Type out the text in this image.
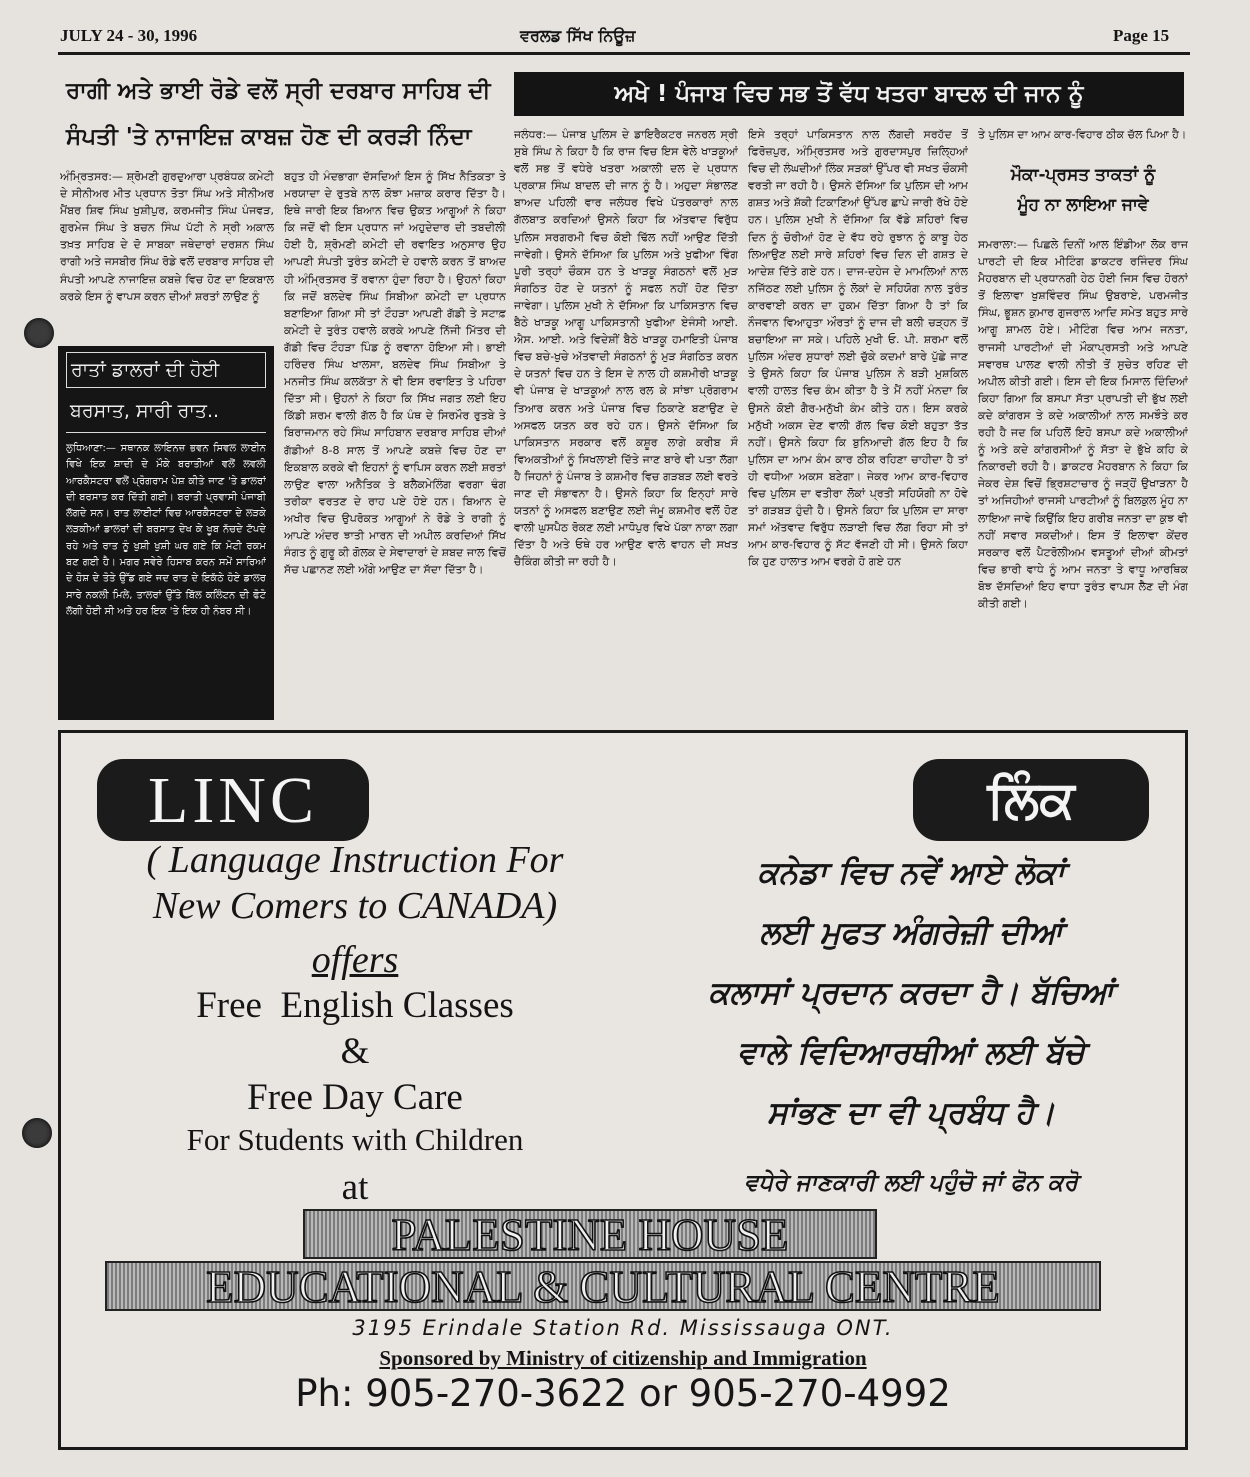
JULY 24 - 30, 1996	ਵਰਲਡ ਸਿੱਖ ਨਿਊਜ਼	Page 15
ਰਾਗੀ ਅਤੇ ਭਾਈ ਰੋਡੇ ਵਲੋਂ ਸ੍ਰੀ ਦਰਬਾਰ ਸਾਹਿਬ ਦੀ
ਸੰਪਤੀ 'ਤੇ ਨਾਜਾਇਜ਼ ਕਾਬਜ਼ ਹੋਣ ਦੀ ਕਰੜੀ ਨਿੰਦਾ

ਅੰਮ੍ਰਿਤਸਰ:— ਸ਼੍ਰੋਮਣੀ ਗੁਰਦੁਆਰਾ ਪ੍ਰਬੰਧਕ ਕਮੇਟੀ ਦੇ ਸੀਨੀਅਰ ਮੀਤ ਪ੍ਰਧਾਨ ਤੋਤਾ ਸਿੰਘ ਅਤੇ ਸੀਨੀਅਰ ਮੈਂਬਰ ਸ਼ਿਵ ਸਿੰਘ ਖੁਸ਼ੀਪੁਰ, ਕਰਮਜੀਤ ਸਿੰਘ ਪੰਜਵੜ, ਗੁਰਮੇਜ ਸਿੰਘ ਤੇ ਬਚਨ ਸਿੰਘ ਪੱਟੀ ਨੇ ਸ੍ਰੀ ਅਕਾਲ ਤਖ਼ਤ ਸਾਹਿਬ ਦੇ ਦੋ ਸਾਬਕਾ ਜਥੇਦਾਰਾਂ ਦਰਸ਼ਨ ਸਿੰਘ ਰਾਗੀ ਅਤੇ ਜਸਬੀਰ ਸਿੰਘ ਰੋਡੇ ਵਲੋਂ ਦਰਬਾਰ ਸਾਹਿਬ ਦੀ ਸੰਪਤੀ ਆਪਣੇ ਨਾਜਾਇਜ਼ ਕਬਜ਼ੇ ਵਿਚ ਹੋਣ ਦਾ ਇਕਬਾਲ ਕਰਕੇ ਇਸ ਨੂੰ ਵਾਪਸ ਕਰਨ ਦੀਆਂ ਸ਼ਰਤਾਂ ਲਾਉਣ ਨੂੰ

ਬਹੁਤ ਹੀ ਮੰਦਭਾਗਾ ਦੱਸਦਿਆਂ ਇਸ ਨੂੰ ਸਿੱਖ ਨੈਤਿਕਤਾ ਤੇ ਮਰਯਾਦਾ ਦੇ ਰੁਤਬੇ ਨਾਲ ਕੋਝਾ ਮਜ਼ਾਕ ਕਰਾਰ ਦਿੱਤਾ ਹੈ। ਇਥੇ ਜਾਰੀ ਇਕ ਬਿਆਨ ਵਿਚ ਉਕਤ ਆਗੂਆਂ ਨੇ ਕਿਹਾ ਕਿ ਜਦੋਂ ਵੀ ਇਸ ਪ੍ਰਧਾਨ ਜਾਂ ਅਹੁਦੇਦਾਰ ਦੀ ਤਬਦੀਲੀ ਹੋਈ ਹੈ, ਸ਼੍ਰੋਮਣੀ ਕਮੇਟੀ ਦੀ ਰਵਾਇਤ ਅਨੁਸਾਰ ਉਹ ਆਪਣੀ ਸੰਪਤੀ ਤੁਰੰਤ ਕਮੇਟੀ ਦੇ ਹਵਾਲੇ ਕਰਨ ਤੋਂ ਬਾਅਦ ਹੀ ਅੰਮ੍ਰਿਤਸਰ ਤੋਂ ਰਵਾਨਾ ਹੁੰਦਾ ਰਿਹਾ ਹੈ। ਉਹਨਾਂ ਕਿਹਾ ਕਿ ਜਦੋਂ ਬਲਦੇਵ ਸਿੰਘ ਸਿਬੀਆ ਕਮੇਟੀ ਦਾ ਪ੍ਰਧਾਨ ਬਣਾਇਆ ਗਿਆ ਸੀ ਤਾਂ ਟੌਹੜਾ ਆਪਣੀ ਗੱਡੀ ਤੇ ਸਟਾਫ਼ ਕਮੇਟੀ ਦੇ ਤੁਰੰਤ ਹਵਾਲੇ ਕਰਕੇ ਆਪਣੇ ਨਿੱਜੀ ਮਿੱਤਰ ਦੀ ਗੱਡੀ ਵਿਚ ਟੌਹੜਾ ਪਿੰਡ ਨੂੰ ਰਵਾਨਾ ਹੋਇਆ ਸੀ। ਭਾਈ ਹਰਿੰਦਰ ਸਿੰਘ ਖਾਲਸਾ, ਬਲਦੇਵ ਸਿੰਘ ਸਿਬੀਆ ਤੇ ਮਨਜੀਤ ਸਿੰਘ ਕਲਕੱਤਾ ਨੇ ਵੀ ਇਸ ਰਵਾਇਤ ਤੇ ਪਹਿਰਾ ਦਿੱਤਾ ਸੀ। ਉਹਨਾਂ ਨੇ ਕਿਹਾ ਕਿ ਸਿੱਖ ਜਗਤ ਲਈ ਇਹ ਕਿੱਡੀ ਸ਼ਰਮ ਵਾਲੀ ਗੱਲ ਹੈ ਕਿ ਪੰਥ ਦੇ ਸਿਰਮੌਰ ਰੁਤਬੇ ਤੇ ਬਿਰਾਜਮਾਨ ਰਹੇ ਸਿੰਘ ਸਾਹਿਬਾਨ ਦਰਬਾਰ ਸਾਹਿਬ ਦੀਆਂ ਗੱਡੀਆਂ 8-8 ਸਾਲ ਤੋਂ ਆਪਣੇ ਕਬਜ਼ੇ ਵਿਚ ਹੋਣ ਦਾ ਇਕਬਾਲ ਕਰਕੇ ਵੀ ਇਹਨਾਂ ਨੂੰ ਵਾਪਿਸ ਕਰਨ ਲਈ ਸ਼ਰਤਾਂ ਲਾਉਣ ਵਾਲਾ ਅਨੈਤਿਕ ਤੇ ਬਲੈਕਮੇਲਿੰਗ ਵਰਗਾ ਢੰਗ ਤਰੀਕਾ ਵਰਤਣ ਦੇ ਰਾਹ ਪਏ ਹੋਏ ਹਨ। ਬਿਆਨ ਦੇ ਅਖੀਰ ਵਿਚ ਉਪਰੋਕਤ ਆਗੂਆਂ ਨੇ ਰੋਡੇ ਤੇ ਰਾਗੀ ਨੂੰ ਆਪਣੇ ਅੰਦਰ ਝਾਤੀ ਮਾਰਨ ਦੀ ਅਪੀਲ ਕਰਦਿਆਂ ਸਿੱਖ ਸੰਗਤ ਨੂੰ ਗੁਰੂ ਕੀ ਗੋਲਕ ਦੇ ਸੇਵਾਦਾਰਾਂ ਦੇ ਸ਼ਬਦ ਜਾਲ ਵਿਚੋਂ ਸੱਚ ਪਛਾਨਣ ਲਈ ਅੱਗੇ ਆਉਣ ਦਾ ਸੱਦਾ ਦਿੱਤਾ ਹੈ।

ਰਾਤਾਂ ਡਾਲਰਾਂ ਦੀ ਹੋਈ
ਬਰਸਾਤ, ਸਾਰੀ ਰਾਤ..
ਲੁਧਿਆਣਾ:— ਸਥਾਨਕ ਲਾਇਨਜ਼ ਭਵਨ ਸਿਵਲ ਲਾਈਨ ਵਿਖੇ ਇਕ ਸ਼ਾਦੀ ਦੇ ਮੌਕੇ ਬਰਾਤੀਆਂ ਵਲੋਂ ਲਵਲੀ ਆਰਕੈਸਟਰਾ ਵਲੋਂ ਪ੍ਰੋਗਰਾਮ ਪੇਸ਼ ਕੀਤੇ ਜਾਣ 'ਤੇ ਡਾਲਰਾਂ ਦੀ ਬਰਸਾਤ ਕਰ ਦਿੱਤੀ ਗਈ। ਬਰਾਤੀ ਪ੍ਰਵਾਸੀ ਪੰਜਾਬੀ ਲੱਗਦੇ ਸਨ। ਰਾਤ ਲਾਈਟਾਂ ਵਿਚ ਆਰਕੈਸਟਰਾ ਦੇ ਲੜਕੇ ਲੜਕੀਆਂ ਡਾਲਰਾਂ ਦੀ ਬਰਸਾਤ ਦੇਖ ਕੇ ਖੂਬ ਨੱਚਦੇ ਟੱਪਦੇ ਰਹੇ ਅਤੇ ਰਾਤ ਨੂੰ ਖੁਸ਼ੀ ਖੁਸ਼ੀ ਘਰ ਗਏ ਕਿ ਮੋਟੀ ਰਕਮ ਬਣ ਗਈ ਹੈ। ਮਗਰ ਸਵੇਰੇ ਹਿਸਾਬ ਕਰਨ ਸਮੇਂ ਸਾਰਿਆਂ ਦੇ ਹੋਸ਼ ਦੇ ਤੋਤੇ ਉੱਡ ਗਏ ਜਦ ਰਾਤ ਦੇ ਇਕੱਠੇ ਹੋਏ ਡਾਲਰ ਸਾਰੇ ਨਕਲੀ ਮਿਲੇ, ਤਾਲਰਾਂ ਉੱਤੇ ਬਿੱਲ ਕਲਿੰਟਨ ਦੀ ਫੋਟੋ ਲੱਗੀ ਹੋਈ ਸੀ ਅਤੇ ਹਰ ਇਕ 'ਤੇ ਇਕ ਹੀ ਨੰਬਰ ਸੀ।
ਅਖੇ ! ਪੰਜਾਬ ਵਿਚ ਸਭ ਤੋਂ ਵੱਧ ਖਤਰਾ ਬਾਦਲ ਦੀ ਜਾਨ ਨੂੰ

ਜਲੰਧਰ:— ਪੰਜਾਬ ਪੁਲਿਸ ਦੇ ਡਾਇਰੈਕਟਰ ਜਨਰਲ ਸ੍ਰੀ ਸੁਬੇ ਸਿੰਘ ਨੇ ਕਿਹਾ ਹੈ ਕਿ ਰਾਜ ਵਿਚ ਇਸ ਵੇਲੇ ਖਾੜਕੂਆਂ ਵਲੋਂ ਸਭ ਤੋਂ ਵਧੇਰੇ ਖਤਰਾ ਅਕਾਲੀ ਦਲ ਦੇ ਪ੍ਰਧਾਨ ਪ੍ਰਕਾਸ਼ ਸਿੰਘ ਬਾਦਲ ਦੀ ਜਾਨ ਨੂੰ ਹੈ। ਅਹੁਦਾ ਸੰਭਾਲਣ ਬਾਅਦ ਪਹਿਲੀ ਵਾਰ ਜਲੰਧਰ ਵਿਖੇ ਪੱਤਰਕਾਰਾਂ ਨਾਲ ਗੱਲਬਾਤ ਕਰਦਿਆਂ ਉਸਨੇ ਕਿਹਾ ਕਿ ਅੱਤਵਾਦ ਵਿਰੁੱਧ ਪੁਲਿਸ ਸਰਗਰਮੀ ਵਿਚ ਕੋਈ ਢਿੱਲ ਨਹੀਂ ਆਉਣ ਦਿੱਤੀ ਜਾਵੇਗੀ। ਉਸਨੇ ਦੱਸਿਆ ਕਿ ਪੁਲਿਸ ਅਤੇ ਖੁਫੀਆ ਵਿੰਗ ਪੂਰੀ ਤਰ੍ਹਾਂ ਚੌਕਸ ਹਨ ਤੇ ਖਾੜਕੂ ਸੰਗਠਨਾਂ ਵਲੋਂ ਮੁੜ ਸੰਗਠਿਤ ਹੋਣ ਦੇ ਯਤਨਾਂ ਨੂੰ ਸਫਲ ਨਹੀਂ ਹੋਣ ਦਿੱਤਾ ਜਾਵੇਗਾ। ਪੁਲਿਸ ਮੁਖੀ ਨੇ ਦੱਸਿਆ ਕਿ ਪਾਕਿਸਤਾਨ ਵਿਚ ਬੈਠੇ ਖਾੜਕੂ ਆਗੂ ਪਾਕਿਸਤਾਨੀ ਖੁਫੀਆ ਏਜੰਸੀ ਆਈ. ਐਸ. ਆਈ. ਅਤੇ ਵਿਦੇਸ਼ੀਂ ਬੈਠੇ ਖਾੜਕੂ ਹਮਾਇਤੀ ਪੰਜਾਬ ਵਿਚ ਬਚੇ-ਖੁਚੇ ਅੱਤਵਾਦੀ ਸੰਗਠਨਾਂ ਨੂੰ ਮੁੜ ਸੰਗਠਿਤ ਕਰਨ ਦੇ ਯਤਨਾਂ ਵਿਚ ਹਨ ਤੇ ਇਸ ਦੇ ਨਾਲ ਹੀ ਕਸ਼ਮੀਰੀ ਖਾੜਕੂ ਵੀ ਪੰਜਾਬ ਦੇ ਖਾੜਕੂਆਂ ਨਾਲ ਰਲ ਕੇ ਸਾਂਝਾ ਪ੍ਰੋਗਰਾਮ ਤਿਆਰ ਕਰਨ ਅਤੇ ਪੰਜਾਬ ਵਿਚ ਠਿਕਾਣੇ ਬਣਾਉਣ ਦੇ ਅਸਫਲ ਯਤਨ ਕਰ ਰਹੇ ਹਨ। ਉਸਨੇ ਦੱਸਿਆ ਕਿ ਪਾਕਿਸਤਾਨ ਸਰਕਾਰ ਵਲੋਂ ਕਸ਼ੂਰ ਲਾਗੇ ਕਰੀਬ ਸੌ ਵਿਅਕਤੀਆਂ ਨੂੰ ਸਿਖਲਾਈ ਦਿੱਤੇ ਜਾਣ ਬਾਰੇ ਵੀ ਪਤਾ ਲੱਗਾ ਹੈ ਜਿਹਨਾਂ ਨੂੰ ਪੰਜਾਬ ਤੇ ਕਸ਼ਮੀਰ ਵਿਚ ਗੜਬੜ ਲਈ ਵਰਤੇ ਜਾਣ ਦੀ ਸੰਭਾਵਨਾ ਹੈ। ਉਸਨੇ ਕਿਹਾ ਕਿ ਇਨ੍ਹਾਂ ਸਾਰੇ ਯਤਨਾਂ ਨੂੰ ਅਸਫਲ ਬਣਾਉਣ ਲਈ ਜੰਮੂ ਕਸ਼ਮੀਰ ਵਲੋਂ ਹੋਣ ਵਾਲੀ ਘੁਸਪੈਠ ਰੋਕਣ ਲਈ ਮਾਧੋਪੁਰ ਵਿਖੇ ਪੱਕਾ ਨਾਕਾ ਲਗਾ ਦਿੱਤਾ ਹੈ ਅਤੇ ਓਥੇ ਹਰ ਆਉਣ ਵਾਲੇ ਵਾਹਨ ਦੀ ਸਖਤ ਚੈਕਿੰਗ ਕੀਤੀ ਜਾ ਰਹੀ ਹੈ।

ਇਸੇ ਤਰ੍ਹਾਂ ਪਾਕਿਸਤਾਨ ਨਾਲ ਲੱਗਦੀ ਸਰਹੱਦ ਤੋਂ ਫਿਰੋਜ਼ਪੁਰ, ਅੰਮ੍ਰਿਤਸਰ ਅਤੇ ਗੁਰਦਾਸਪੁਰ ਜ਼ਿਲ੍ਹਿਆਂ ਵਿਚ ਦੀ ਲੰਘਦੀਆਂ ਲਿੰਕ ਸੜਕਾਂ ਉੱਪਰ ਵੀ ਸਖਤ ਚੌਕਸੀ ਵਰਤੀ ਜਾ ਰਹੀ ਹੈ। ਉਸਨੇ ਦੱਸਿਆ ਕਿ ਪੁਲਿਸ ਦੀ ਆਮ ਗਸ਼ਤ ਅਤੇ ਸ਼ੱਕੀ ਟਿਕਾਣਿਆਂ ਉੱਪਰ ਛਾਪੇ ਜਾਰੀ ਰੱਖੇ ਹੋਏ ਹਨ। ਪੁਲਿਸ ਮੁਖੀ ਨੇ ਦੱਸਿਆ ਕਿ ਵੱਡੇ ਸ਼ਹਿਰਾਂ ਵਿਚ ਦਿਨ ਨੂੰ ਚੋਰੀਆਂ ਹੋਣ ਦੇ ਵੱਧ ਰਹੇ ਰੁਝਾਨ ਨੂੰ ਕਾਬੂ ਹੇਠ ਲਿਆਉਣ ਲਈ ਸਾਰੇ ਸ਼ਹਿਰਾਂ ਵਿਚ ਦਿਨ ਦੀ ਗਸ਼ਤ ਦੇ ਆਦੇਸ਼ ਦਿੱਤੇ ਗਏ ਹਨ। ਦਾਜ-ਦਹੇਜ ਦੇ ਮਾਮਲਿਆਂ ਨਾਲ ਨਜਿੱਠਣ ਲਈ ਪੁਲਿਸ ਨੂੰ ਲੋਕਾਂ ਦੇ ਸਹਿਯੋਗ ਨਾਲ ਤੁਰੰਤ ਕਾਰਵਾਈ ਕਰਨ ਦਾ ਹੁਕਮ ਦਿੱਤਾ ਗਿਆ ਹੈ ਤਾਂ ਕਿ ਨੌਜਵਾਨ ਵਿਆਹੁਤਾ ਔਰਤਾਂ ਨੂੰ ਦਾਜ ਦੀ ਬਲੀ ਚੜ੍ਹਨ ਤੋਂ ਬਚਾਇਆ ਜਾ ਸਕੇ। ਪਹਿਲੇ ਮੁਖੀ ਓ. ਪੀ. ਸ਼ਰਮਾ ਵਲੋਂ ਪੁਲਿਸ ਅੰਦਰ ਸੁਧਾਰਾਂ ਲਈ ਚੁੱਕੇ ਕਦਮਾਂ ਬਾਰੇ ਪੁੱਛੇ ਜਾਣ ਤੇ ਉਸਨੇ ਕਿਹਾ ਕਿ ਪੰਜਾਬ ਪੁਲਿਸ ਨੇ ਬੜੀ ਮੁਸ਼ਕਿਲ ਵਾਲੀ ਹਾਲਤ ਵਿਚ ਕੰਮ ਕੀਤਾ ਹੈ ਤੇ ਮੈਂ ਨਹੀਂ ਮੰਨਦਾ ਕਿ ਉਸਨੇ ਕੋਈ ਗੈਰ-ਮਨੁੱਖੀ ਕੰਮ ਕੀਤੇ ਹਨ। ਇਸ ਕਰਕੇ ਮਨੁੱਖੀ ਅਕਸ ਦੇਣ ਵਾਲੀ ਗੱਲ ਵਿਚ ਕੋਈ ਬਹੁਤਾ ਤੱਤ ਨਹੀਂ। ਉਸਨੇ ਕਿਹਾ ਕਿ ਬੁਨਿਆਦੀ ਗੱਲ ਇਹ ਹੈ ਕਿ ਪੁਲਿਸ ਦਾ ਆਮ ਕੰਮ ਕਾਰ ਠੀਕ ਰਹਿਣਾ ਚਾਹੀਦਾ ਹੈ ਤਾਂ ਹੀ ਵਧੀਆ ਅਕਸ ਬਣੇਗਾ। ਜੇਕਰ ਆਮ ਕਾਰ-ਵਿਹਾਰ ਵਿਚ ਪੁਲਿਸ ਦਾ ਵਤੀਰਾ ਲੋਕਾਂ ਪ੍ਰਤੀ ਸਹਿਯੋਗੀ ਨਾ ਹੋਵੇ ਤਾਂ ਗੜਬੜ ਹੁੰਦੀ ਹੈ। ਉਸਨੇ ਕਿਹਾ ਕਿ ਪੁਲਿਸ ਦਾ ਸਾਰਾ ਸਮਾਂ ਅੱਤਵਾਦ ਵਿਰੁੱਧ ਲੜਾਈ ਵਿਚ ਲੱਗ ਰਿਹਾ ਸੀ ਤਾਂ ਆਮ ਕਾਰ-ਵਿਹਾਰ ਨੂੰ ਸੱਟ ਵੱਜਣੀ ਹੀ ਸੀ। ਉਸਨੇ ਕਿਹਾ ਕਿ ਹੁਣ ਹਾਲਾਤ ਆਮ ਵਰਗੇ ਹੋ ਗਏ ਹਨ

ਤੇ ਪੁਲਿਸ ਦਾ ਆਮ ਕਾਰ-ਵਿਹਾਰ ਠੀਕ ਚੱਲ ਪਿਆ ਹੈ।

ਮੌਕਾ-ਪ੍ਰਸਤ ਤਾਕਤਾਂ ਨੂੰ
ਮੂੰਹ ਨਾ ਲਾਇਆ ਜਾਵੇ

ਸਮਰਾਲਾ:— ਪਿਛਲੇ ਦਿਨੀਂ ਆਲ ਇੰਡੀਆ ਲੋਕ ਰਾਜ ਪਾਰਟੀ ਦੀ ਇਕ ਮੀਟਿੰਗ ਡਾਕਟਰ ਰਜਿੰਦਰ ਸਿੰਘ ਮੈਹਰਬਾਨ ਦੀ ਪ੍ਰਧਾਨਗੀ ਹੇਠ ਹੋਈ ਜਿਸ ਵਿਚ ਹੋਰਨਾਂ ਤੋਂ ਇਲਾਵਾ ਖੁਸ਼ਵਿੰਦਰ ਸਿੰਘ ਉਬਰਾਏ, ਪਰਮਜੀਤ ਸਿੰਘ, ਭੂਸ਼ਨ ਕੁਮਾਰ ਗੁਜਰਾਲ ਆਦਿ ਸਮੇਤ ਬਹੁਤ ਸਾਰੇ ਆਗੂ ਸ਼ਾਮਲ ਹੋਏ। ਮੀਟਿੰਗ ਵਿਚ ਆਮ ਜਨਤਾ, ਰਾਜਸੀ ਪਾਰਟੀਆਂ ਦੀ ਮੌਕਾਪ੍ਰਸਤੀ ਅਤੇ ਆਪਣੇ ਸਵਾਰਥ ਪਾਲਣ ਵਾਲੀ ਨੀਤੀ ਤੋਂ ਸੁਚੇਤ ਰਹਿਣ ਦੀ ਅਪੀਲ ਕੀਤੀ ਗਈ। ਇਸ ਦੀ ਇਕ ਮਿਸਾਲ ਦਿੰਦਿਆਂ ਕਿਹਾ ਗਿਆ ਕਿ ਬਸਪਾ ਸੱਤਾ ਪ੍ਰਾਪਤੀ ਦੀ ਭੁੱਖ ਲਈ ਕਦੇ ਕਾਂਗਰਸ ਤੇ ਕਦੇ ਅਕਾਲੀਆਂ ਨਾਲ ਸਮਝੌਤੇ ਕਰ ਰਹੀ ਹੈ ਜਦ ਕਿ ਪਹਿਲੋਂ ਇਹੋ ਬਸਪਾ ਕਦੇ ਅਕਾਲੀਆਂ ਨੂੰ ਅਤੇ ਕਦੇ ਕਾਂਗਰਸੀਆਂ ਨੂੰ ਸੱਤਾ ਦੇ ਭੁੱਖੇ ਕਹਿ ਕੇ ਨਿਕਾਰਦੀ ਰਹੀ ਹੈ। ਡਾਕਟਰ ਮੈਹਰਬਾਨ ਨੇ ਕਿਹਾ ਕਿ ਜੇਕਰ ਦੇਸ਼ ਵਿਚੋਂ ਭ੍ਰਿਸ਼ਟਾਚਾਰ ਨੂੰ ਜੜ੍ਹੋਂ ਉਖਾੜਨਾ ਹੈ ਤਾਂ ਅਜਿਹੀਆਂ ਰਾਜਸੀ ਪਾਰਟੀਆਂ ਨੂੰ ਬਿਲਕੁਲ ਮੂੰਹ ਨਾ ਲਾਇਆ ਜਾਵੇ ਕਿਉਂਕਿ ਇਹ ਗਰੀਬ ਜਨਤਾ ਦਾ ਕੁਝ ਵੀ ਨਹੀਂ ਸਵਾਰ ਸਕਦੀਆਂ। ਇਸ ਤੋਂ ਇਲਾਵਾ ਕੇਂਦਰ ਸਰਕਾਰ ਵਲੋਂ ਪੈਟਰੋਲੀਅਮ ਵਸਤੂਆਂ ਦੀਆਂ ਕੀਮਤਾਂ ਵਿਚ ਭਾਰੀ ਵਾਧੇ ਨੂੰ ਆਮ ਜਨਤਾ ਤੇ ਵਾਧੂ ਆਰਥਿਕ ਬੋਝ ਦੱਸਦਿਆਂ ਇਹ ਵਾਧਾ ਤੁਰੰਤ ਵਾਪਸ ਲੈਣ ਦੀ ਮੰਗ ਕੀਤੀ ਗਈ।

LINC	ਲਿੰਕ
( Language Instruction For
New Comers to CANADA)
offers
Free  English Classes
&
Free Day Care
For Students with Children
at
ਕਨੇਡਾ ਵਿਚ ਨਵੇਂ ਆਏ ਲੋਕਾਂ
ਲਈ ਮੁਫਤ ਅੰਗਰੇਜ਼ੀ ਦੀਆਂ
ਕਲਾਸਾਂ ਪ੍ਰਦਾਨ ਕਰਦਾ ਹੈ। ਬੱਚਿਆਂ
ਵਾਲੇ ਵਿਦਿਆਰਥੀਆਂ ਲਈ ਬੱਚੇ
ਸਾਂਭਣ ਦਾ ਵੀ ਪ੍ਰਬੰਧ ਹੈ।
ਵਧੇਰੇ ਜਾਣਕਾਰੀ ਲਈ ਪਹੁੰਚੋ ਜਾਂ ਫੋਨ ਕਰੋ
PALESTINE HOUSE
EDUCATIONAL & CULTURAL CENTRE
3195 Erindale Station Rd. Mississauga ONT.
Sponsored by Ministry of citizenship and Immigration
Ph: 905-270-3622 or 905-270-4992
